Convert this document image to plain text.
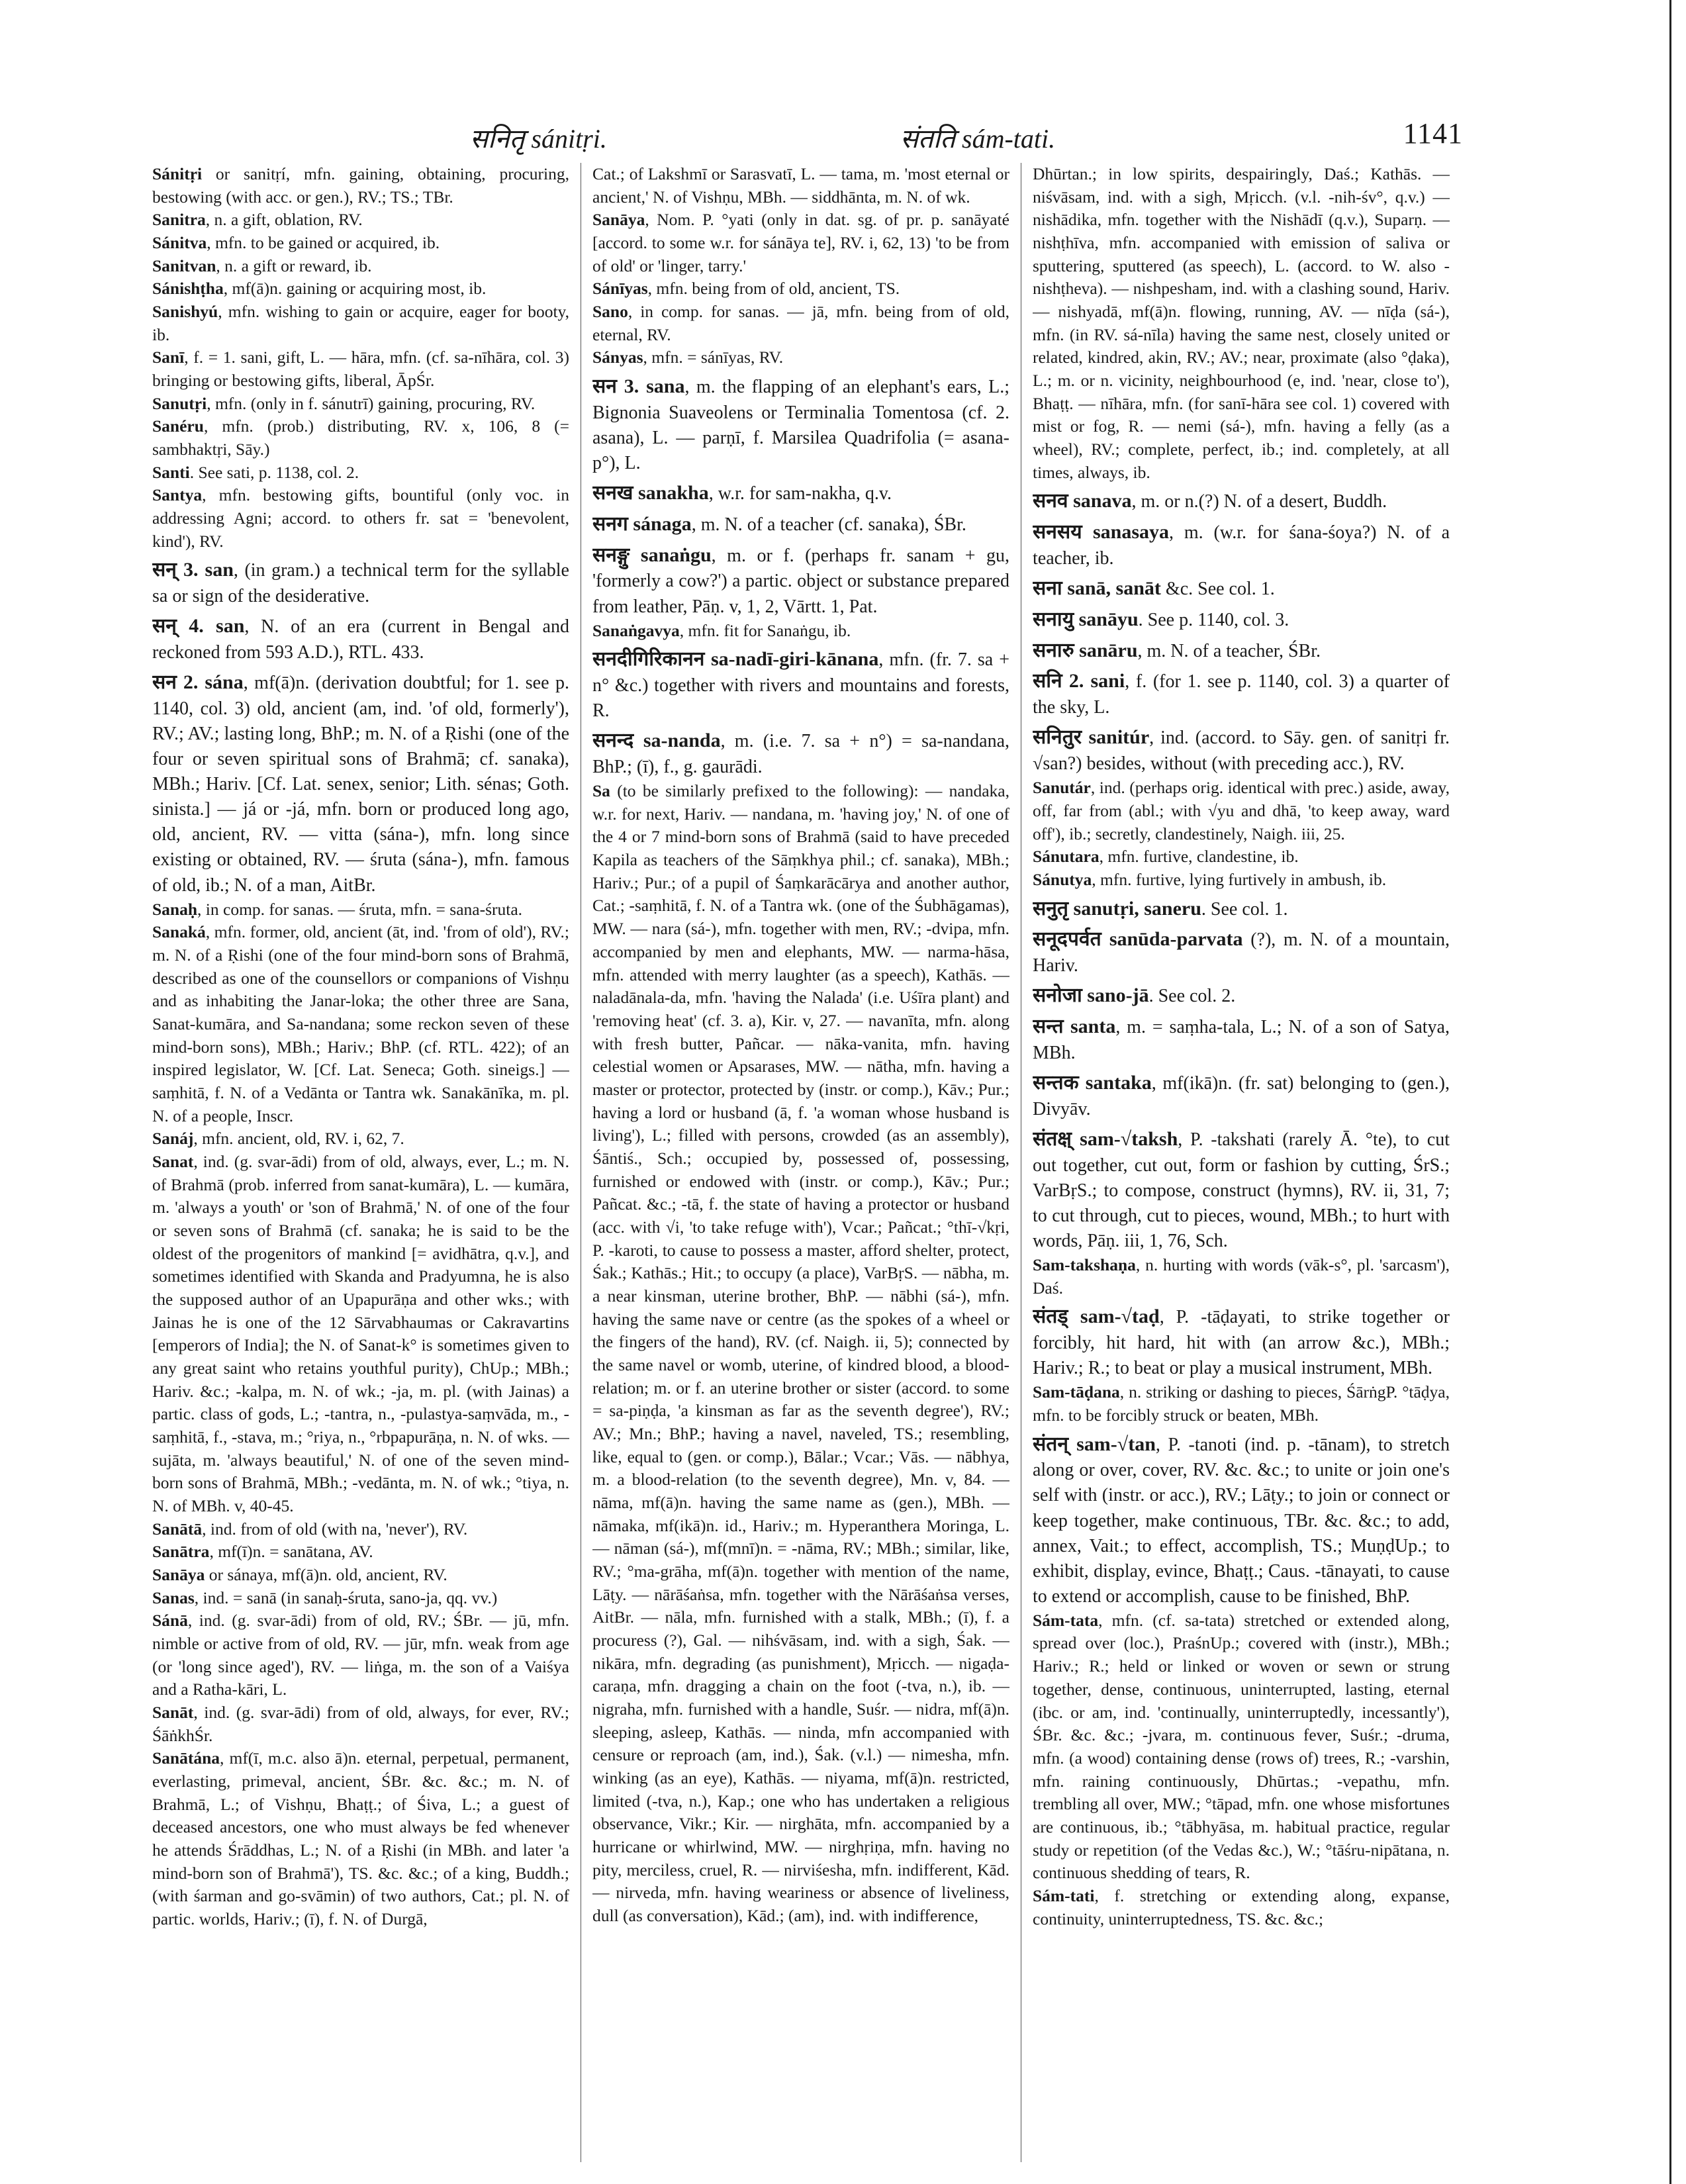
सनितृ sánitṛi.	संतति sám-tati.	1141

Sánitṛi or sanitṛí, mfn. gaining, obtaining, procuring, bestowing (with acc. or gen.), RV.; TS.; TBr.

Sanitra, n. a gift, oblation, RV.

Sánitva, mfn. to be gained or acquired, ib.

Sanitvan, n. a gift or reward, ib.

Sánishṭha, mf(ā)n. gaining or acquiring most, ib.

Sanishyú, mfn. wishing to gain or acquire, eager for booty, ib.

Sanī, f. = 1. sani, gift, L. — hāra, mfn. (cf. sa-nīhāra, col. 3) bringing or bestowing gifts, liberal, ĀpŚr.

Sanutṛi, mfn. (only in f. sánutrī) gaining, procuring, RV.

Sanéru, mfn. (prob.) distributing, RV. x, 106, 8 (= sambhaktṛi, Sāy.)

Santi. See sati, p. 1138, col. 2.

Santya, mfn. bestowing gifts, bountiful (only voc. in addressing Agni; accord. to others fr. sat = 'benevolent, kind'), RV.

सन् 3. san, (in gram.) a technical term for the syllable sa or sign of the desiderative.

सन् 4. san, N. of an era (current in Bengal and reckoned from 593 A.D.), RTL. 433.

सन 2. sána, mf(ā)n. (derivation doubtful; for 1. see p. 1140, col. 3) old, ancient (am, ind. 'of old, formerly'), RV.; AV.; lasting long, BhP.; m. N. of a Ṛishi (one of the four or seven spiritual sons of Brahmā; cf. sanaka), MBh.; Hariv. [Cf. Lat. senex, senior; Lith. sénas; Goth. sinista.] — já or -já, mfn. born or produced long ago, old, ancient, RV. — vitta (sána-), mfn. long since existing or obtained, RV. — śruta (sána-), mfn. famous of old, ib.; N. of a man, AitBr.

Sanaḥ, in comp. for sanas. — śruta, mfn. = sana-śruta.

Sanaká, mfn. former, old, ancient (āt, ind. 'from of old'), RV.; m. N. of a Ṛishi (one of the four mind-born sons of Brahmā, described as one of the counsellors or companions of Vishṇu and as inhabiting the Janar-loka; the other three are Sana, Sanat-kumāra, and Sa-nandana; some reckon seven of these mind-born sons), MBh.; Hariv.; BhP. (cf. RTL. 422); of an inspired legislator, W. [Cf. Lat. Seneca; Goth. sineigs.] — saṃhitā, f. N. of a Vedānta or Tantra wk. Sanakānīka, m. pl. N. of a people, Inscr.

Sanáj, mfn. ancient, old, RV. i, 62, 7.

Sanat, ind. (g. svar-ādi) from of old, always, ever, L.; m. N. of Brahmā (prob. inferred from sanat-kumāra), L. — kumāra, m. 'always a youth' or 'son of Brahmā,' N. of one of the four or seven sons of Brahmā (cf. sanaka; he is said to be the oldest of the progenitors of mankind [= avidhātra, q.v.], and sometimes identified with Skanda and Pradyumna, he is also the supposed author of an Upapurāṇa and other wks.; with Jainas he is one of the 12 Sārvabhaumas or Cakravartins [emperors of India]; the N. of Sanat-k° is sometimes given to any great saint who retains youthful purity), ChUp.; MBh.; Hariv. &c.; -kalpa, m. N. of wk.; -ja, m. pl. (with Jainas) a partic. class of gods, L.; -tantra, n., -pulastya-saṃvāda, m., -saṃhitā, f., -stava, m.; °riya, n., °rbpapurāṇa, n. N. of wks. — sujāta, m. 'always beautiful,' N. of one of the seven mind-born sons of Brahmā, MBh.; -vedānta, m. N. of wk.; °tiya, n. N. of MBh. v, 40-45.

Sanātā, ind. from of old (with na, 'never'), RV.

Sanātra, mf(ī)n. = sanātana, AV.

Sanāya or sánaya, mf(ā)n. old, ancient, RV.

Sanas, ind. = sanā (in sanaḥ-śruta, sano-ja, qq. vv.)

Sánā, ind. (g. svar-ādi) from of old, RV.; ŚBr. — jū, mfn. nimble or active from of old, RV. — jūr, mfn. weak from age (or 'long since aged'), RV. — liṅga, m. the son of a Vaiśya and a Ratha-kāri, L.

Sanāt, ind. (g. svar-ādi) from of old, always, for ever, RV.; ŚāṅkhŚr.

Sanātána, mf(ī, m.c. also ā)n. eternal, perpetual, permanent, everlasting, primeval, ancient, ŚBr. &c. &c.; m. N. of Brahmā, L.; of Vishṇu, Bhaṭṭ.; of Śiva, L.; a guest of deceased ancestors, one who must always be fed whenever he attends Śrāddhas, L.; N. of a Ṛishi (in MBh. and later 'a mind-born son of Brahmā'), TS. &c. &c.; of a king, Buddh.; (with śarman and go-svāmin) of two authors, Cat.; pl. N. of partic. worlds, Hariv.; (ī), f. N. of Durgā,

Cat.; of Lakshmī or Sarasvatī, L. — tama, m. 'most eternal or ancient,' N. of Vishṇu, MBh. — siddhānta, m. N. of wk.

Sanāya, Nom. P. °yati (only in dat. sg. of pr. p. sanāyaté [accord. to some w.r. for sánāya te], RV. i, 62, 13) 'to be from of old' or 'linger, tarry.'

Sánīyas, mfn. being from of old, ancient, TS.

Sano, in comp. for sanas. — jā, mfn. being from of old, eternal, RV.

Sányas, mfn. = sánīyas, RV.

सन 3. sana, m. the flapping of an elephant's ears, L.; Bignonia Suaveolens or Terminalia Tomentosa (cf. 2. asana), L. — parṇī, f. Marsilea Quadrifolia (= asana-p°), L.

सनख sanakha, w.r. for sam-nakha, q.v.

सनग sánaga, m. N. of a teacher (cf. sanaka), ŚBr.

सनङ्गु sanaṅgu, m. or f. (perhaps fr. sanam + gu, 'formerly a cow?') a partic. object or substance prepared from leather, Pāṇ. v, 1, 2, Vārtt. 1, Pat.

Sanaṅgavya, mfn. fit for Sanaṅgu, ib.

सनदीगिरिकानन sa-nadī-giri-kānana, mfn. (fr. 7. sa + n° &c.) together with rivers and mountains and forests, R.

सनन्द sa-nanda, m. (i.e. 7. sa + n°) = sa-nandana, BhP.; (ī), f., g. gaurādi.

Sa (to be similarly prefixed to the following): — nandaka, w.r. for next, Hariv. — nandana, m. 'having joy,' N. of one of the 4 or 7 mind-born sons of Brahmā (said to have preceded Kapila as teachers of the Sāṃkhya phil.; cf. sanaka), MBh.; Hariv.; Pur.; of a pupil of Śaṃkarācārya and another author, Cat.; -saṃhitā, f. N. of a Tantra wk. (one of the Śubhāgamas), MW. — nara (sá-), mfn. together with men, RV.; -dvipa, mfn. accompanied by men and elephants, MW. — narma-hāsa, mfn. attended with merry laughter (as a speech), Kathās. — naladānala-da, mfn. 'having the Nalada' (i.e. Uśīra plant) and 'removing heat' (cf. 3. a), Kir. v, 27. — navanīta, mfn. along with fresh butter, Pañcar. — nāka-vanita, mfn. having celestial women or Apsarases, MW. — nātha, mfn. having a master or protector, protected by (instr. or comp.), Kāv.; Pur.; having a lord or husband (ā, f. 'a woman whose husband is living'), L.; filled with persons, crowded (as an assembly), Śāntiś., Sch.; occupied by, possessed of, possessing, furnished or endowed with (instr. or comp.), Kāv.; Pur.; Pañcat. &c.; -tā, f. the state of having a protector or husband (acc. with √i, 'to take refuge with'), Vcar.; Pañcat.; °thī-√kṛi, P. -karoti, to cause to possess a master, afford shelter, protect, Śak.; Kathās.; Hit.; to occupy (a place), VarBṛS. — nābha, m. a near kinsman, uterine brother, BhP. — nābhi (sá-), mfn. having the same nave or centre (as the spokes of a wheel or the fingers of the hand), RV. (cf. Naigh. ii, 5); connected by the same navel or womb, uterine, of kindred blood, a blood-relation; m. or f. an uterine brother or sister (accord. to some = sa-piṇḍa, 'a kinsman as far as the seventh degree'), RV.; AV.; Mn.; BhP.; having a navel, naveled, TS.; resembling, like, equal to (gen. or comp.), Bālar.; Vcar.; Vās. — nābhya, m. a blood-relation (to the seventh degree), Mn. v, 84. — nāma, mf(ā)n. having the same name as (gen.), MBh. — nāmaka, mf(ikā)n. id., Hariv.; m. Hyperanthera Moringa, L. — nāman (sá-), mf(mnī)n. = -nāma, RV.; MBh.; similar, like, RV.; °ma-grāha, mf(ā)n. together with mention of the name, Lāṭy. — nārāśaṅsa, mfn. together with the Nārāśaṅsa verses, AitBr. — nāla, mfn. furnished with a stalk, MBh.; (ī), f. a procuress (?), Gal. — nihśvāsam, ind. with a sigh, Śak. — nikāra, mfn. degrading (as punishment), Mṛicch. — nigaḍa-caraṇa, mfn. dragging a chain on the foot (-tva, n.), ib. — nigraha, mfn. furnished with a handle, Suśr. — nidra, mf(ā)n. sleeping, asleep, Kathās. — ninda, mfn accompanied with censure or reproach (am, ind.), Śak. (v.l.) — nimesha, mfn. winking (as an eye), Kathās. — niyama, mf(ā)n. restricted, limited (-tva, n.), Kap.; one who has undertaken a religious observance, Vikr.; Kir. — nirghāta, mfn. accompanied by a hurricane or whirlwind, MW. — nirghṛiṇa, mfn. having no pity, merciless, cruel, R. — nirviśesha, mfn. indifferent, Kād. — nirveda, mfn. having weariness or absence of liveliness, dull (as conversation), Kād.; (am), ind. with indifference,

Dhūrtan.; in low spirits, despairingly, Daś.; Kathās. — niśvāsam, ind. with a sigh, Mṛicch. (v.l. -nih-śv°, q.v.) — nishādika, mfn. together with the Nishādī (q.v.), Suparṇ. — nishṭhīva, mfn. accompanied with emission of saliva or sputtering, sputtered (as speech), L. (accord. to W. also -nishṭheva). — nishpesham, ind. with a clashing sound, Hariv. — nishyadā, mf(ā)n. flowing, running, AV. — nīḍa (sá-), mfn. (in RV. sá-nīla) having the same nest, closely united or related, kindred, akin, RV.; AV.; near, proximate (also °ḍaka), L.; m. or n. vicinity, neighbourhood (e, ind. 'near, close to'), Bhaṭṭ. — nīhāra, mfn. (for sanī-hāra see col. 1) covered with mist or fog, R. — nemi (sá-), mfn. having a felly (as a wheel), RV.; complete, perfect, ib.; ind. completely, at all times, always, ib.

सनव sanava, m. or n.(?) N. of a desert, Buddh.

सनसय sanasaya, m. (w.r. for śana-śoya?) N. of a teacher, ib.

सना sanā, sanāt &c. See col. 1.

सनायु sanāyu. See p. 1140, col. 3.

सनारु sanāru, m. N. of a teacher, ŚBr.

सनि 2. sani, f. (for 1. see p. 1140, col. 3) a quarter of the sky, L.

सनितुर sanitúr, ind. (accord. to Sāy. gen. of sanitṛi fr. √san?) besides, without (with preceding acc.), RV.

Sanutár, ind. (perhaps orig. identical with prec.) aside, away, off, far from (abl.; with √yu and dhā, 'to keep away, ward off'), ib.; secretly, clandestinely, Naigh. iii, 25.

Sánutara, mfn. furtive, clandestine, ib.

Sánutya, mfn. furtive, lying furtively in ambush, ib.

सनुतृ sanutṛi, saneru. See col. 1.

सनूदपर्वत sanūda-parvata (?), m. N. of a mountain, Hariv.

सनोजा sano-jā. See col. 2.

सन्त santa, m. = saṃha-tala, L.; N. of a son of Satya, MBh.

सन्तक santaka, mf(ikā)n. (fr. sat) belonging to (gen.), Divyāv.

संतक्ष् sam-√taksh, P. -takshati (rarely Ā. °te), to cut out together, cut out, form or fashion by cutting, ŚrS.; VarBṛS.; to compose, construct (hymns), RV. ii, 31, 7; to cut through, cut to pieces, wound, MBh.; to hurt with words, Pāṇ. iii, 1, 76, Sch.

Sam-takshaṇa, n. hurting with words (vāk-s°, pl. 'sarcasm'), Daś.

संतड् sam-√taḍ, P. -tāḍayati, to strike together or forcibly, hit hard, hit with (an arrow &c.), MBh.; Hariv.; R.; to beat or play a musical instrument, MBh.

Sam-tāḍana, n. striking or dashing to pieces, ŚārṅgP. °tāḍya, mfn. to be forcibly struck or beaten, MBh.

संतन् sam-√tan, P. -tanoti (ind. p. -tānam), to stretch along or over, cover, RV. &c. &c.; to unite or join one's self with (instr. or acc.), RV.; Lāṭy.; to join or connect or keep together, make continuous, TBr. &c. &c.; to add, annex, Vait.; to effect, accomplish, TS.; MuṇḍUp.; to exhibit, display, evince, Bhaṭṭ.; Caus. -tānayati, to cause to extend or accomplish, cause to be finished, BhP.

Sám-tata, mfn. (cf. sa-tata) stretched or extended along, spread over (loc.), PraśnUp.; covered with (instr.), MBh.; Hariv.; R.; held or linked or woven or sewn or strung together, dense, continuous, uninterrupted, lasting, eternal (ibc. or am, ind. 'continually, uninterruptedly, incessantly'), ŚBr. &c. &c.; -jvara, m. continuous fever, Suśr.; -druma, mfn. (a wood) containing dense (rows of) trees, R.; -varshin, mfn. raining continuously, Dhūrtas.; -vepathu, mfn. trembling all over, MW.; °tāpad, mfn. one whose misfortunes are continuous, ib.; °tābhyāsa, m. habitual practice, regular study or repetition (of the Vedas &c.), W.; °tāśru-nipātana, n. continuous shedding of tears, R.

Sám-tati, f. stretching or extending along, expanse, continuity, uninterruptedness, TS. &c. &c.;
